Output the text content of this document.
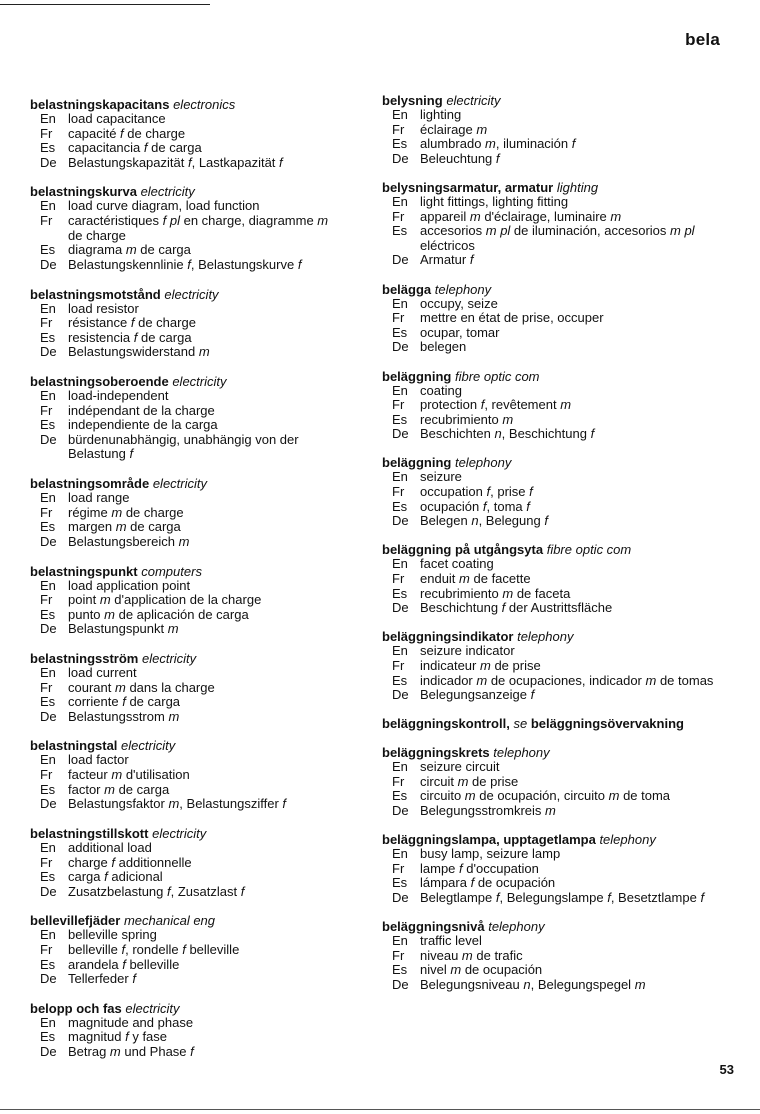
bela
belastningskapacitans electronics
En load capacitance
Fr capacité f de charge
Es capacitancia f de carga
De Belastungskapazität f, Lastkapazität f
belastningskurva electricity
En load curve diagram, load function
Fr caractéristiques f pl en charge, diagramme m de charge
Es diagrama m de carga
De Belastungskennlinie f, Belastungskurve f
belastningsmotstånd electricity
En load resistor
Fr résistance f de charge
Es resistencia f de carga
De Belastungswiderstand m
belastningsoberoende electricity
En load-independent
Fr indépendant de la charge
Es independiente de la carga
De bürdenunabhängig, unabhängig von der Belastung f
belastningsområde electricity
En load range
Fr régime m de charge
Es margen m de carga
De Belastungsbereich m
belastningspunkt computers
En load application point
Fr point m d'application de la charge
Es punto m de aplicación de carga
De Belastungspunkt m
belastningsström electricity
En load current
Fr courant m dans la charge
Es corriente f de carga
De Belastungsstrom m
belastningstal electricity
En load factor
Fr facteur m d'utilisation
Es factor m de carga
De Belastungsfaktor m, Belastungsziffer f
belastningstillskott electricity
En additional load
Fr charge f additionnelle
Es carga f adicional
De Zusatzbelastung f, Zusatzlast f
bellevillefjäder mechanical eng
En belleville spring
Fr belleville f, rondelle f belleville
Es arandela f belleville
De Tellerfeder f
belopp och fas electricity
En magnitude and phase
Es magnitud f y fase
De Betrag m und Phase f
belysning electricity
En lighting
Fr éclairage m
Es alumbrado m, iluminación f
De Beleuchtung f
belysningsarmatur, armatur lighting
En light fittings, lighting fitting
Fr appareil m d'éclairage, luminaire m
Es accesorios m pl de iluminación, accesorios m pl eléctricos
De Armatur f
belägga telephony
En occupy, seize
Fr mettre en état de prise, occuper
Es ocupar, tomar
De belegen
beläggning fibre optic com
En coating
Fr protection f, revêtement m
Es recubrimiento m
De Beschichten n, Beschichtung f
beläggning telephony
En seizure
Fr occupation f, prise f
Es ocupación f, toma f
De Belegen n, Belegung f
beläggning på utgångsyta fibre optic com
En facet coating
Fr enduit m de facette
Es recubrimiento m de faceta
De Beschichtung f der Austrittsfläche
beläggningsindikator telephony
En seizure indicator
Fr indicateur m de prise
Es indicador m de ocupaciones, indicador m de tomas
De Belegungsanzeige f
beläggningskontroll, se beläggningsövervakning
beläggningskrets telephony
En seizure circuit
Fr circuit m de prise
Es circuito m de ocupación, circuito m de toma
De Belegungsstromkreis m
beläggningslampa, upptagetlampa telephony
En busy lamp, seizure lamp
Fr lampe f d'occupation
Es lámpara f de ocupación
De Belegtlampe f, Belegungslampe f, Besetztlampe f
beläggningsnivå telephony
En traffic level
Fr niveau m de trafic
Es nivel m de ocupación
De Belegungsniveau n, Belegungspegel m
53
